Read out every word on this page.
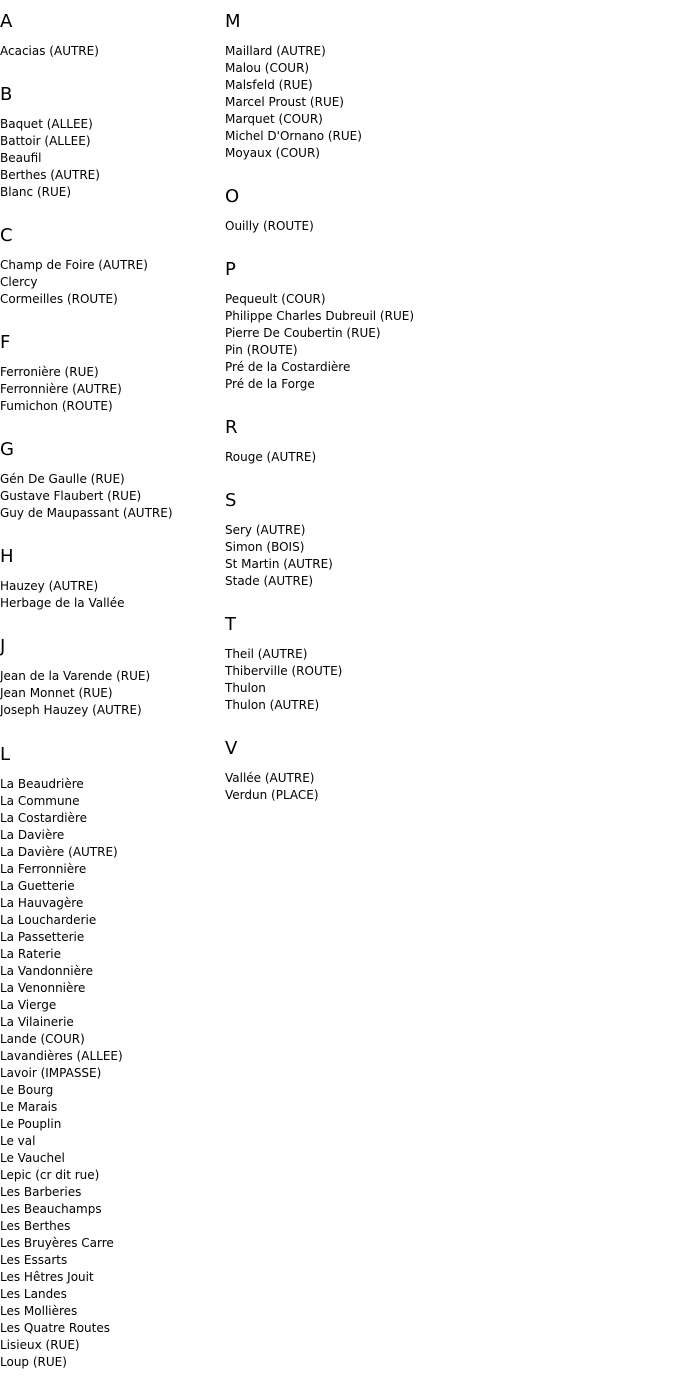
A
Acacias (AUTRE)
B
Baquet (ALLEE)
Battoir (ALLEE)
Beaufil
Berthes (AUTRE)
Blanc (RUE)
C
Champ de Foire (AUTRE)
Clercy
Cormeilles (ROUTE)
F
Ferronière (RUE)
Ferronnière (AUTRE)
Fumichon (ROUTE)
G
Gén De Gaulle (RUE)
Gustave Flaubert (RUE)
Guy de Maupassant (AUTRE)
H
Hauzey (AUTRE)
Herbage de la Vallée
J
Jean de la Varende (RUE)
Jean Monnet (RUE)
Joseph Hauzey (AUTRE)
L
La Beaudrière
La Commune
La Costardière
La Davière
La Davière (AUTRE)
La Ferronnière
La Guetterie
La Hauvagère
La Loucharderie
La Passetterie
La Raterie
La Vandonnière
La Venonnière
La Vierge
La Vilainerie
Lande (COUR)
Lavandières (ALLEE)
Lavoir (IMPASSE)
Le Bourg
Le Marais
Le Pouplin
Le val
Le Vauchel
Lepic (cr dit rue)
Les Barberies
Les Beauchamps
Les Berthes
Les Bruyères Carre
Les Essarts
Les Hêtres Jouit
Les Landes
Les Mollières
Les Quatre Routes
Lisieux (RUE)
Loup (RUE)
M
Maillard (AUTRE)
Malou (COUR)
Malsfeld (RUE)
Marcel Proust (RUE)
Marquet (COUR)
Michel D'Ornano (RUE)
Moyaux (COUR)
O
Ouilly (ROUTE)
P
Pequeult (COUR)
Philippe Charles Dubreuil (RUE)
Pierre De Coubertin (RUE)
Pin (ROUTE)
Pré de la Costardière
Pré de la Forge
R
Rouge (AUTRE)
S
Sery (AUTRE)
Simon (BOIS)
St Martin (AUTRE)
Stade (AUTRE)
T
Theil (AUTRE)
Thiberville (ROUTE)
Thulon
Thulon (AUTRE)
V
Vallée (AUTRE)
Verdun (PLACE)
